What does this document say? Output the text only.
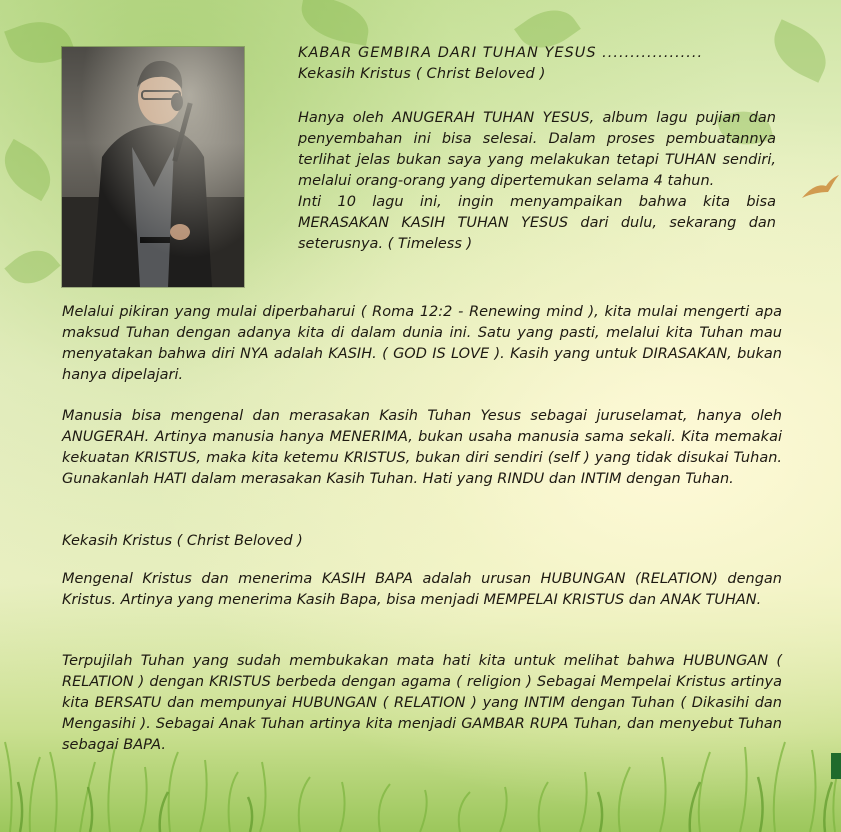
KABAR GEMBIRA DARI TUHAN YESUS ..................

Kekasih Kristus ( Christ Beloved )

Hanya oleh ANUGERAH TUHAN YESUS, album lagu pujian dan penyembahan ini bisa selesai. Dalam proses pembuatannya terlihat jelas bukan saya yang melakukan tetapi TUHAN sendiri, melalui orang-orang yang dipertemukan selama 4 tahun.

Inti 10 lagu ini, ingin menyampaikan bahwa kita bisa MERASAKAN KASIH TUHAN YESUS dari dulu, sekarang dan seterusnya. ( Timeless )

Melalui pikiran yang mulai diperbaharui ( Roma 12:2 - Renewing mind ), kita mulai mengerti apa maksud Tuhan dengan adanya kita di dalam dunia ini. Satu yang pasti, melalui kita Tuhan mau menyatakan bahwa diri NYA adalah KASIH. ( GOD IS LOVE ). Kasih yang untuk DIRASAKAN, bukan hanya dipelajari.
Manusia bisa mengenal dan merasakan Kasih Tuhan Yesus sebagai juruselamat, hanya oleh ANUGERAH. Artinya manusia hanya MENERIMA, bukan usaha manusia sama sekali. Kita memakai kekuatan KRISTUS, maka kita ketemu KRISTUS, bukan diri sendiri (self ) yang tidak disukai Tuhan. Gunakanlah HATI dalam merasakan Kasih Tuhan. Hati yang RINDU dan INTIM dengan Tuhan.
Kekasih Kristus ( Christ Beloved )
Mengenal Kristus dan menerima KASIH BAPA adalah urusan HUBUNGAN (RELATION) dengan Kristus. Artinya yang menerima Kasih Bapa, bisa menjadi MEMPELAI KRISTUS dan ANAK TUHAN.
Terpujilah Tuhan yang sudah membukakan mata hati kita untuk melihat bahwa HUBUNGAN ( RELATION ) dengan KRISTUS berbeda dengan agama ( religion ) Sebagai Mempelai Kristus artinya kita BERSATU dan mempunyai HUBUNGAN ( RELATION ) yang INTIM dengan Tuhan ( Dikasihi dan Mengasihi ). Sebagai Anak Tuhan artinya kita menjadi GAMBAR RUPA Tuhan, dan menyebut Tuhan sebagai BAPA.
